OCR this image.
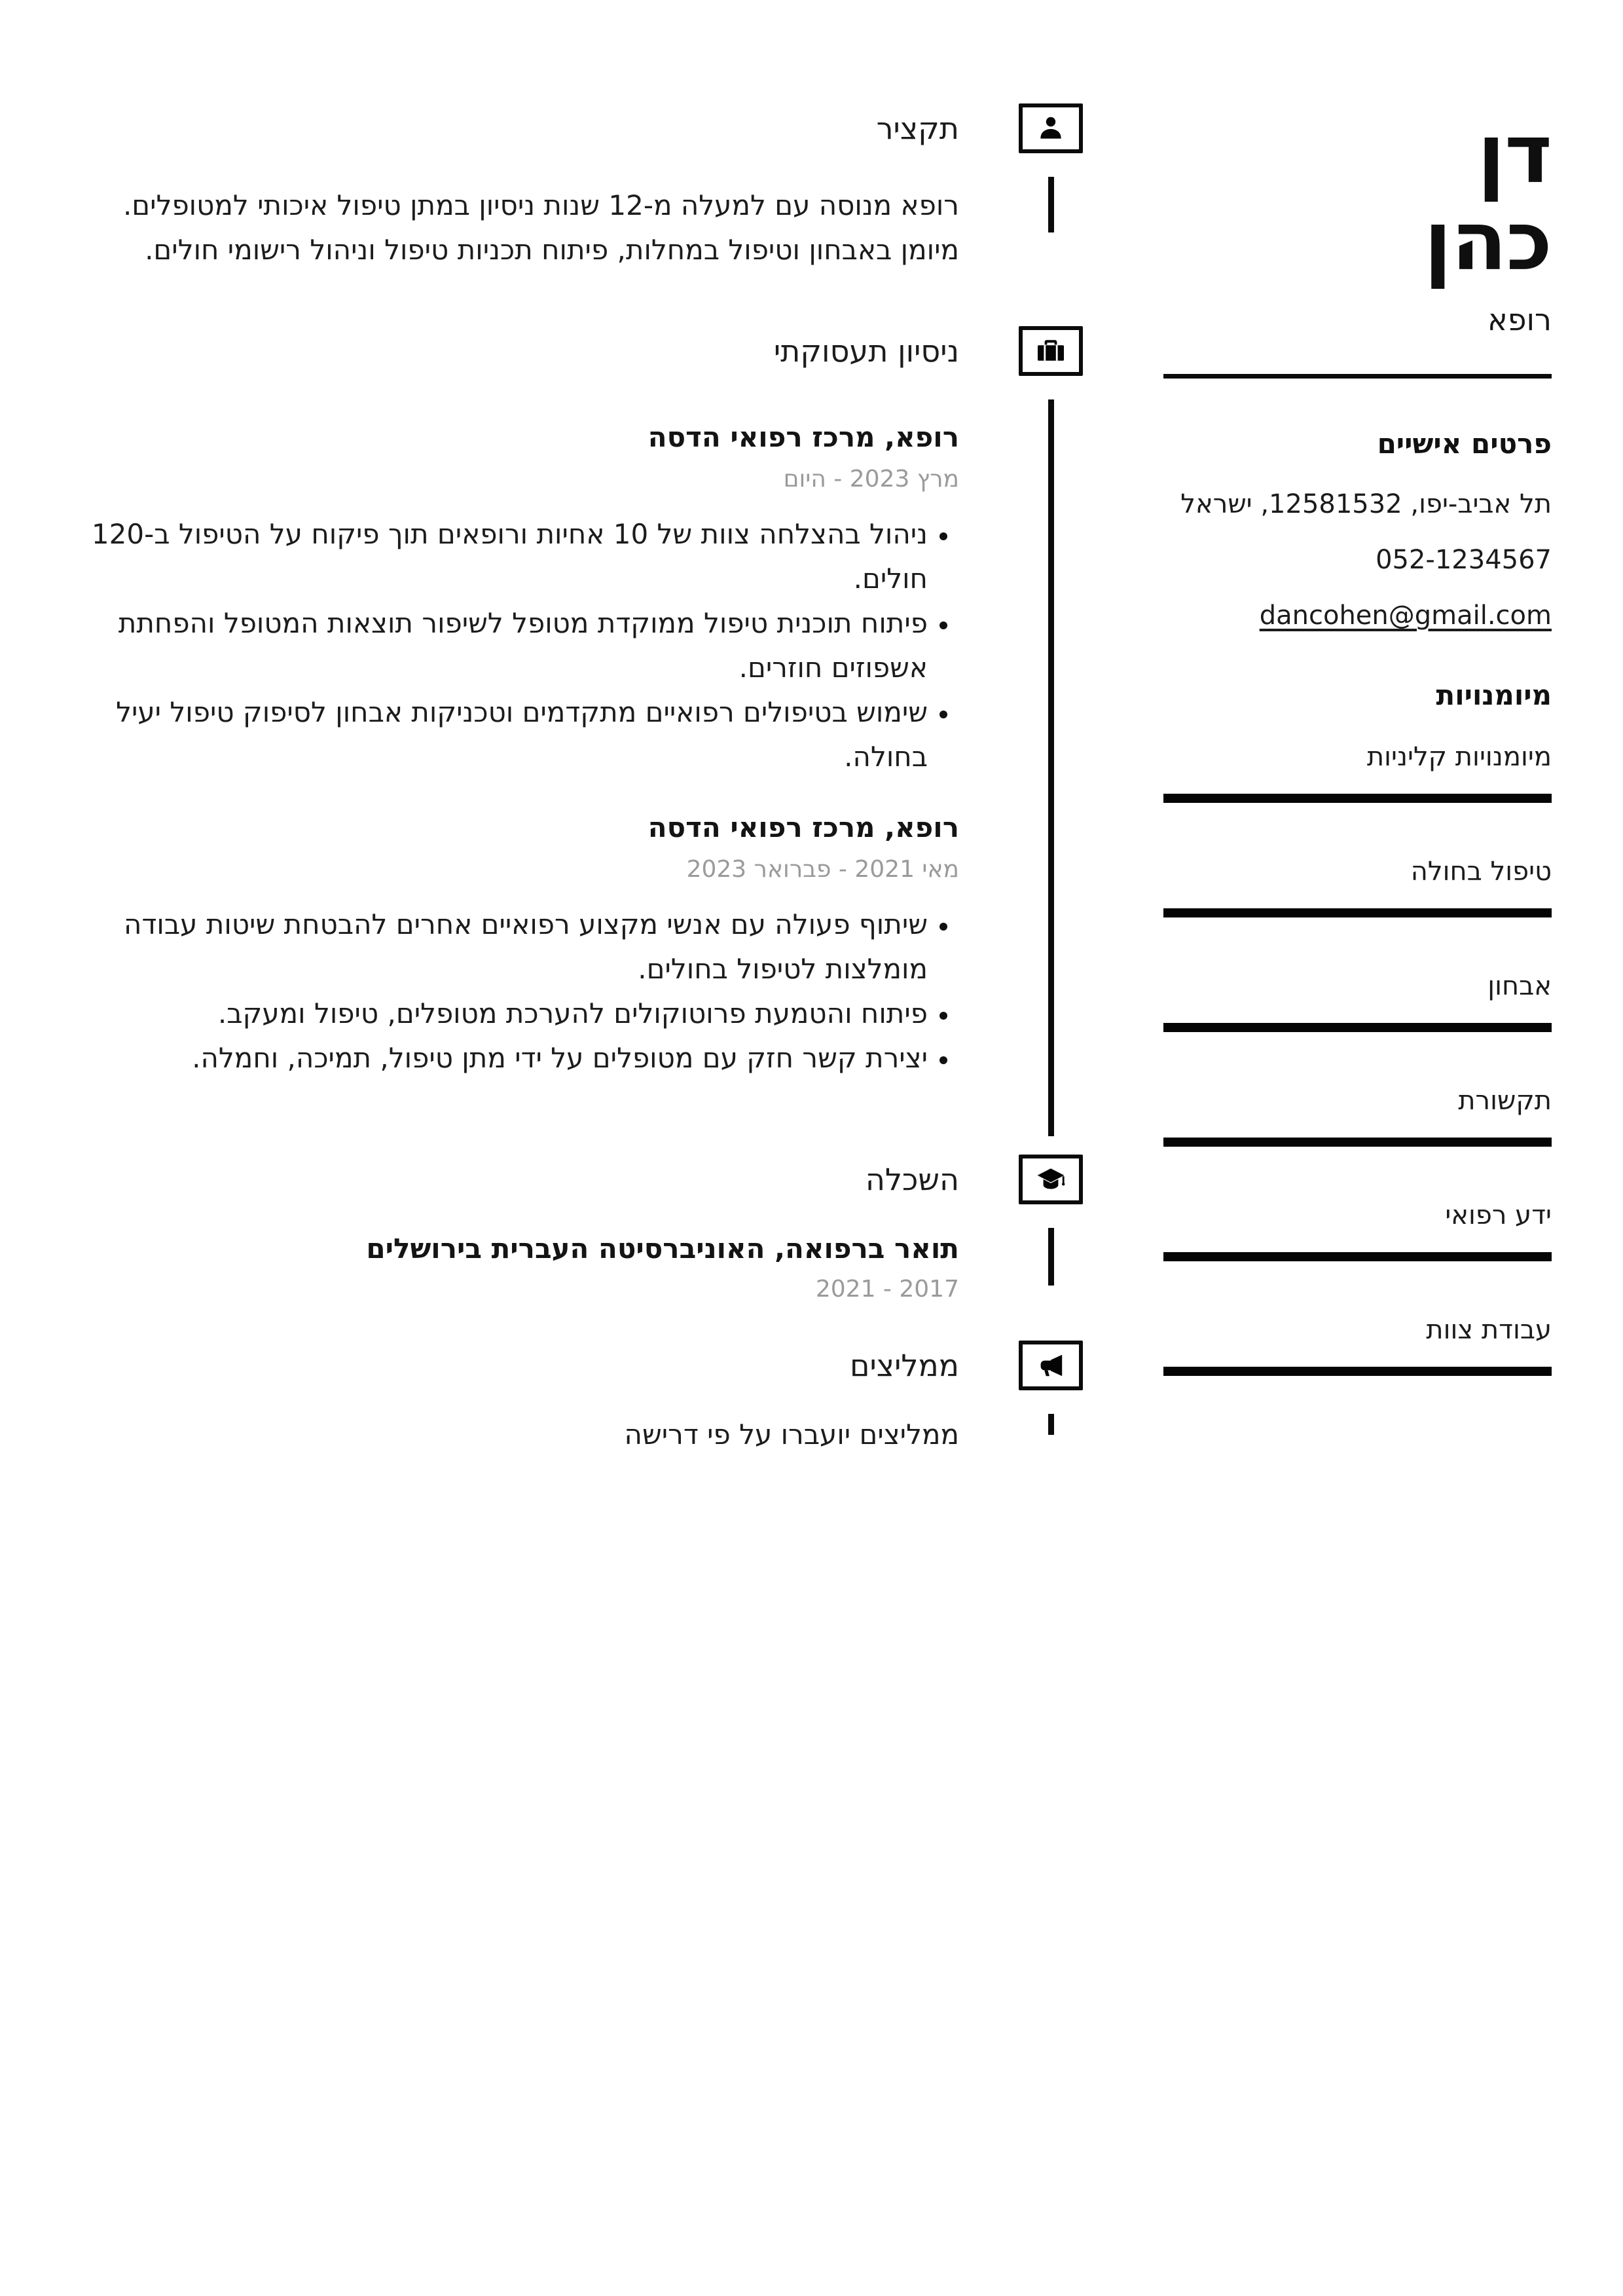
דן
כהן
רופא
פרטים אישיים
תל אביב-יפו, 12581532, ישראל
052-1234567
dancohen@gmail.com
מיומנויות
מיומנויות קליניות
טיפול בחולה
אבחון
תקשורת
ידע רפואי
עבודת צוות
תקציר

רופא מנוסה עם למעלה מ-12 שנות ניסיון במתן טיפול איכותי למטופלים. מיומן באבחון וטיפול במחלות, פיתוח תכניות טיפול וניהול רישומי חולים.

ניסיון תעסוקתי
רופא, מרכז רפואי הדסה
מרץ 2023 - היום
• ניהול בהצלחה צוות של 10 אחיות ורופאים תוך פיקוח על הטיפול ב-120 חולים.
• פיתוח תוכנית טיפול ממוקדת מטופל לשיפור תוצאות המטופל והפחתת אשפוזים חוזרים.
• שימוש בטיפולים רפואיים מתקדמים וטכניקות אבחון לסיפוק טיפול יעיל בחולה.
רופא, מרכז רפואי הדסה
מאי 2021 - פברואר 2023
• שיתוף פעולה עם אנשי מקצוע רפואיים אחרים להבטחת שיטות עבודה מומלצות לטיפול בחולים.
• פיתוח והטמעת פרוטוקולים להערכת מטופלים, טיפול ומעקב.
• יצירת קשר חזק עם מטופלים על ידי מתן טיפול, תמיכה, וחמלה.
השכלה
תואר ברפואה, האוניברסיטה העברית בירושלים
2017 - 2021
ממליצים
ממליצים יועברו על פי דרישה
